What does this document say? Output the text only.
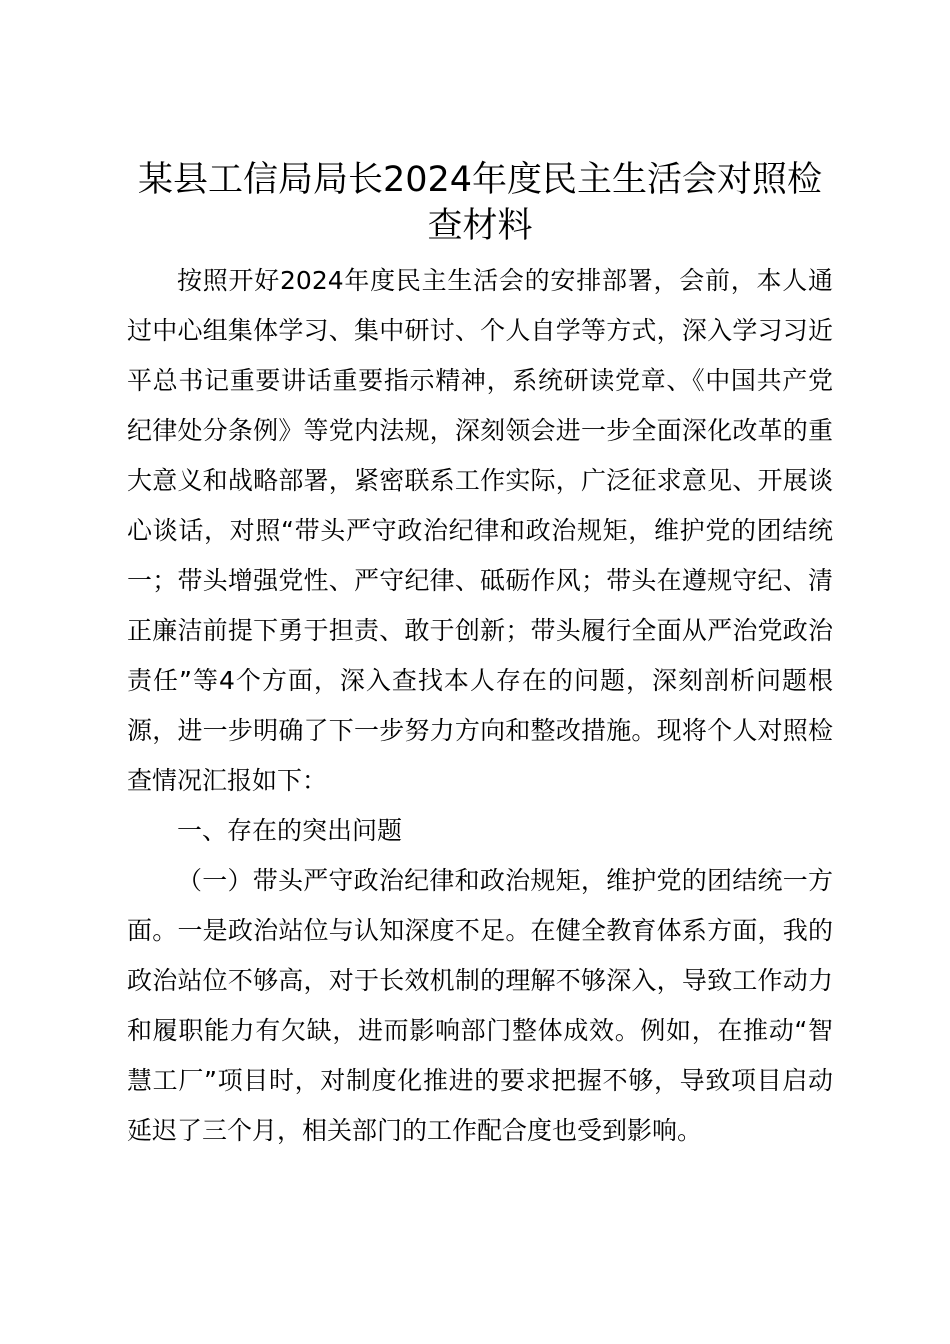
某县工信局局长2024年度民主生活会对照检查材料

按照开好2024年度民主生活会的安排部署，会前，本人通过中心组集体学习、集中研讨、个人自学等方式，深入学习习近平总书记重要讲话重要指示精神，系统研读党章、《中国共产党纪律处分条例》等党内法规，深刻领会进一步全面深化改革的重大意义和战略部署，紧密联系工作实际，广泛征求意见、开展谈心谈话，对照“带头严守政治纪律和政治规矩，维护党的团结统一；带头增强党性、严守纪律、砥砺作风；带头在遵规守纪、清正廉洁前提下勇于担责、敢于创新；带头履行全面从严治党政治责任”等4个方面，深入查找本人存在的问题，深刻剖析问题根源，进一步明确了下一步努力方向和整改措施。现将个人对照检查情况汇报如下：

一、存在的突出问题

（一）带头严守政治纪律和政治规矩，维护党的团结统一方面。一是政治站位与认知深度不足。在健全教育体系方面，我的政治站位不够高，对于长效机制的理解不够深入，导致工作动力和履职能力有欠缺，进而影响部门整体成效。例如，在推动“智慧工厂”项目时，对制度化推进的要求把握不够，导致项目启动延迟了三个月，相关部门的工作配合度也受到影响。
